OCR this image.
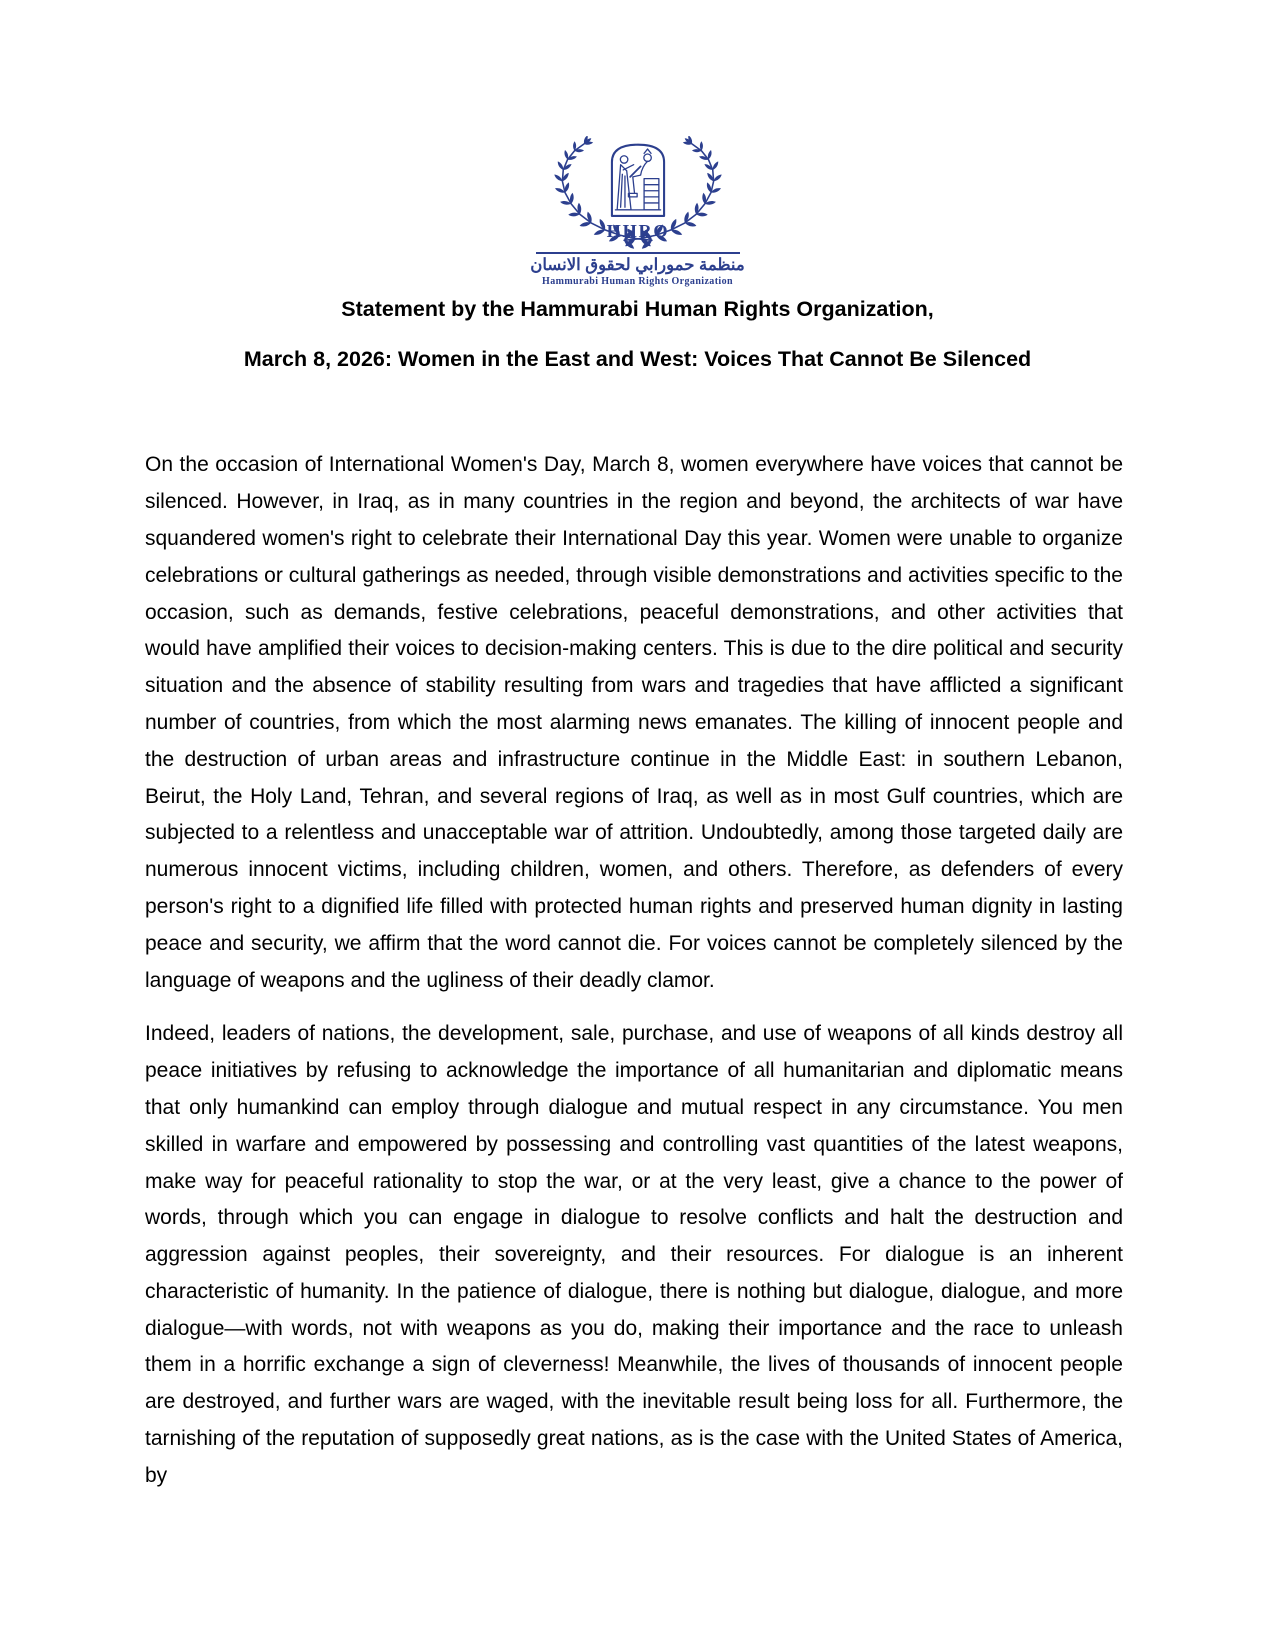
HHRO
منظمة حمورابي لحقوق الانسان
Hammurabi Human Rights Organization
Statement by the Hammurabi Human Rights Organization,
March 8, 2026: Women in the East and West: Voices That Cannot Be Silenced

On the occasion of International Women's Day, March 8, women everywhere have voices that cannot be silenced. However, in Iraq, as in many countries in the region and beyond, the architects of war have squandered women's right to celebrate their International Day this year. Women were unable to organize celebrations or cultural gatherings as needed, through visible demonstrations and activities specific to the occasion, such as demands, festive celebrations, peaceful demonstrations, and other activities that would have amplified their voices to decision-making centers. This is due to the dire political and security situation and the absence of stability resulting from wars and tragedies that have afflicted a significant number of countries, from which the most alarming news emanates. The killing of innocent people and the destruction of urban areas and infrastructure continue in the Middle East: in southern Lebanon, Beirut, the Holy Land, Tehran, and several regions of Iraq, as well as in most Gulf countries, which are subjected to a relentless and unacceptable war of attrition. Undoubtedly, among those targeted daily are numerous innocent victims, including children, women, and others. Therefore, as defenders of every person's right to a dignified life filled with protected human rights and preserved human dignity in lasting peace and security, we affirm that the word cannot die. For voices cannot be completely silenced by the language of weapons and the ugliness of their deadly clamor.

Indeed, leaders of nations, the development, sale, purchase, and use of weapons of all kinds destroy all peace initiatives by refusing to acknowledge the importance of all humanitarian and diplomatic means that only humankind can employ through dialogue and mutual respect in any circumstance. You men skilled in warfare and empowered by possessing and controlling vast quantities of the latest weapons, make way for peaceful rationality to stop the war, or at the very least, give a chance to the power of words, through which you can engage in dialogue to resolve conflicts and halt the destruction and aggression against peoples, their sovereignty, and their resources. For dialogue is an inherent characteristic of humanity. In the patience of dialogue, there is nothing but dialogue, dialogue, and more dialogue—with words, not with weapons as you do, making their importance and the race to unleash them in a horrific exchange a sign of cleverness! Meanwhile, the lives of thousands of innocent people are destroyed, and further wars are waged, with the inevitable result being loss for all. Furthermore, the tarnishing of the reputation of supposedly great nations, as is the case with the United States of America, by
